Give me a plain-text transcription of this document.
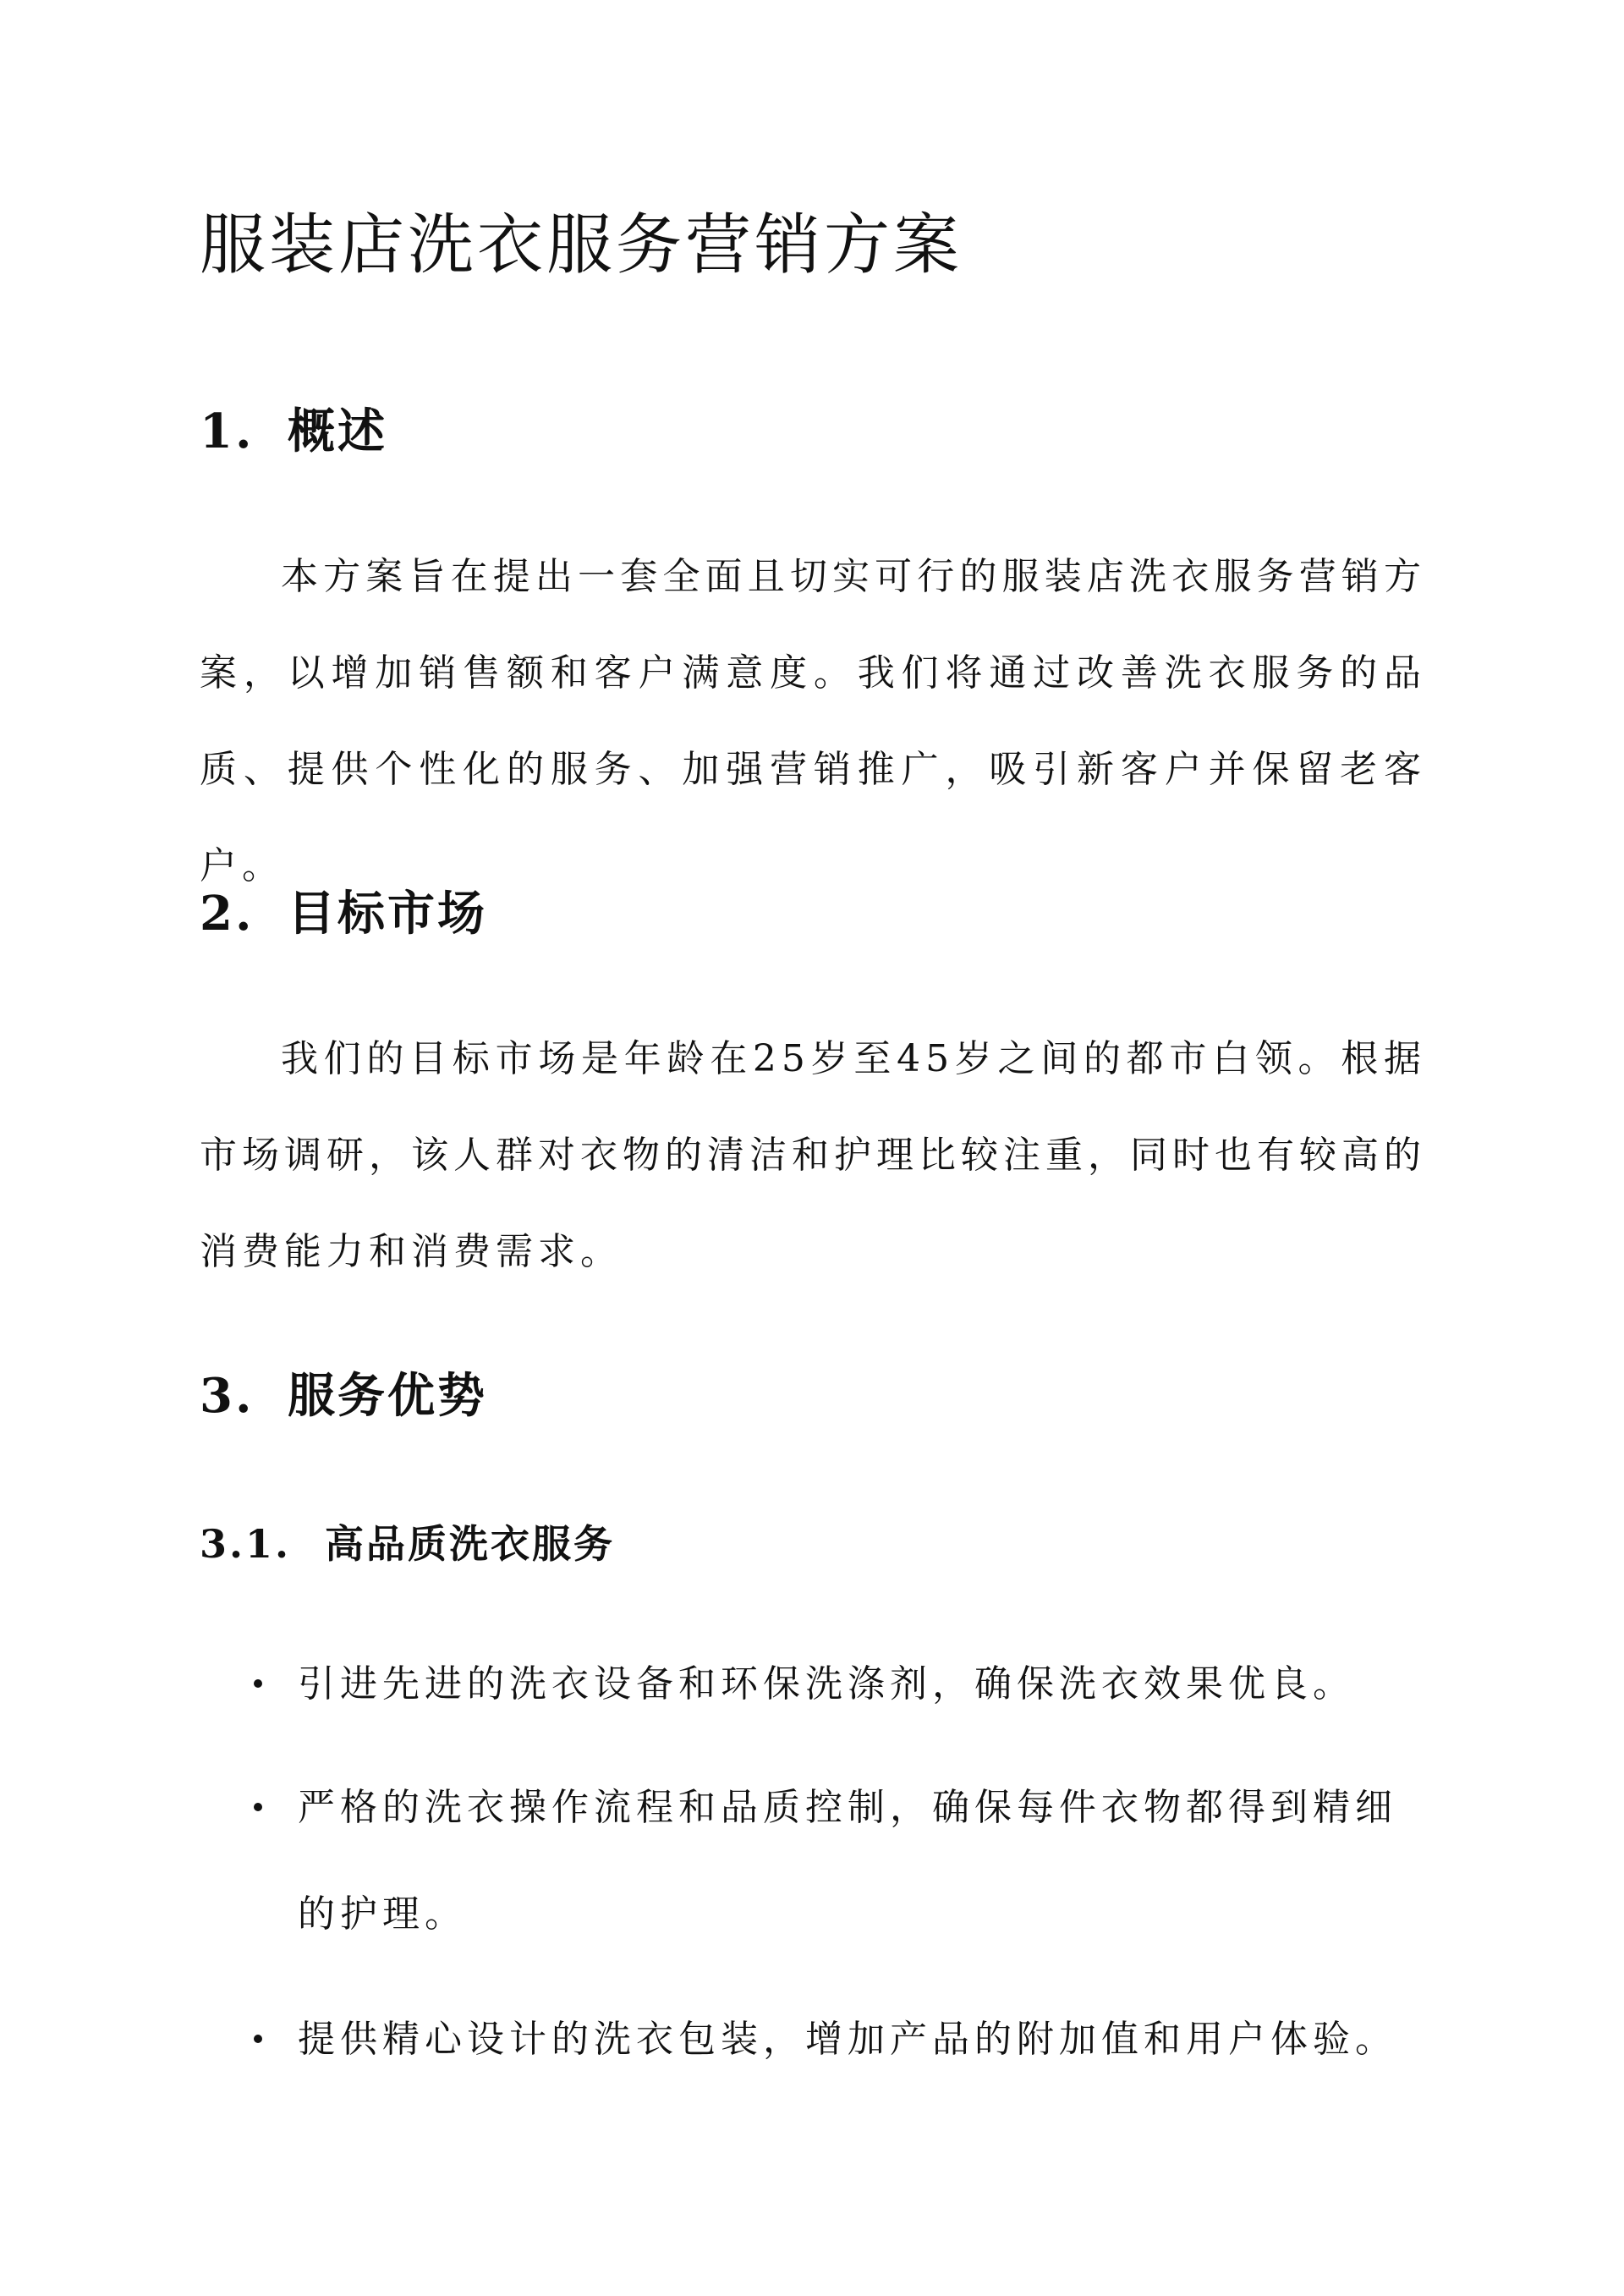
服装店洗衣服务营销方案
1. 概述

本方案旨在提出一套全面且切实可行的服装店洗衣服务营销方案，以增加销售额和客户满意度。我们将通过改善洗衣服务的品质、提供个性化的服务、加强营销推广，吸引新客户并保留老客户。

2. 目标市场

我们的目标市场是年龄在25岁至45岁之间的都市白领。根据市场调研，该人群对衣物的清洁和护理比较注重，同时也有较高的消费能力和消费需求。

3. 服务优势
3.1. 高品质洗衣服务
引进先进的洗衣设备和环保洗涤剂，确保洗衣效果优良。
严格的洗衣操作流程和品质控制，确保每件衣物都得到精细的护理。
提供精心设计的洗衣包装，增加产品的附加值和用户体验。
